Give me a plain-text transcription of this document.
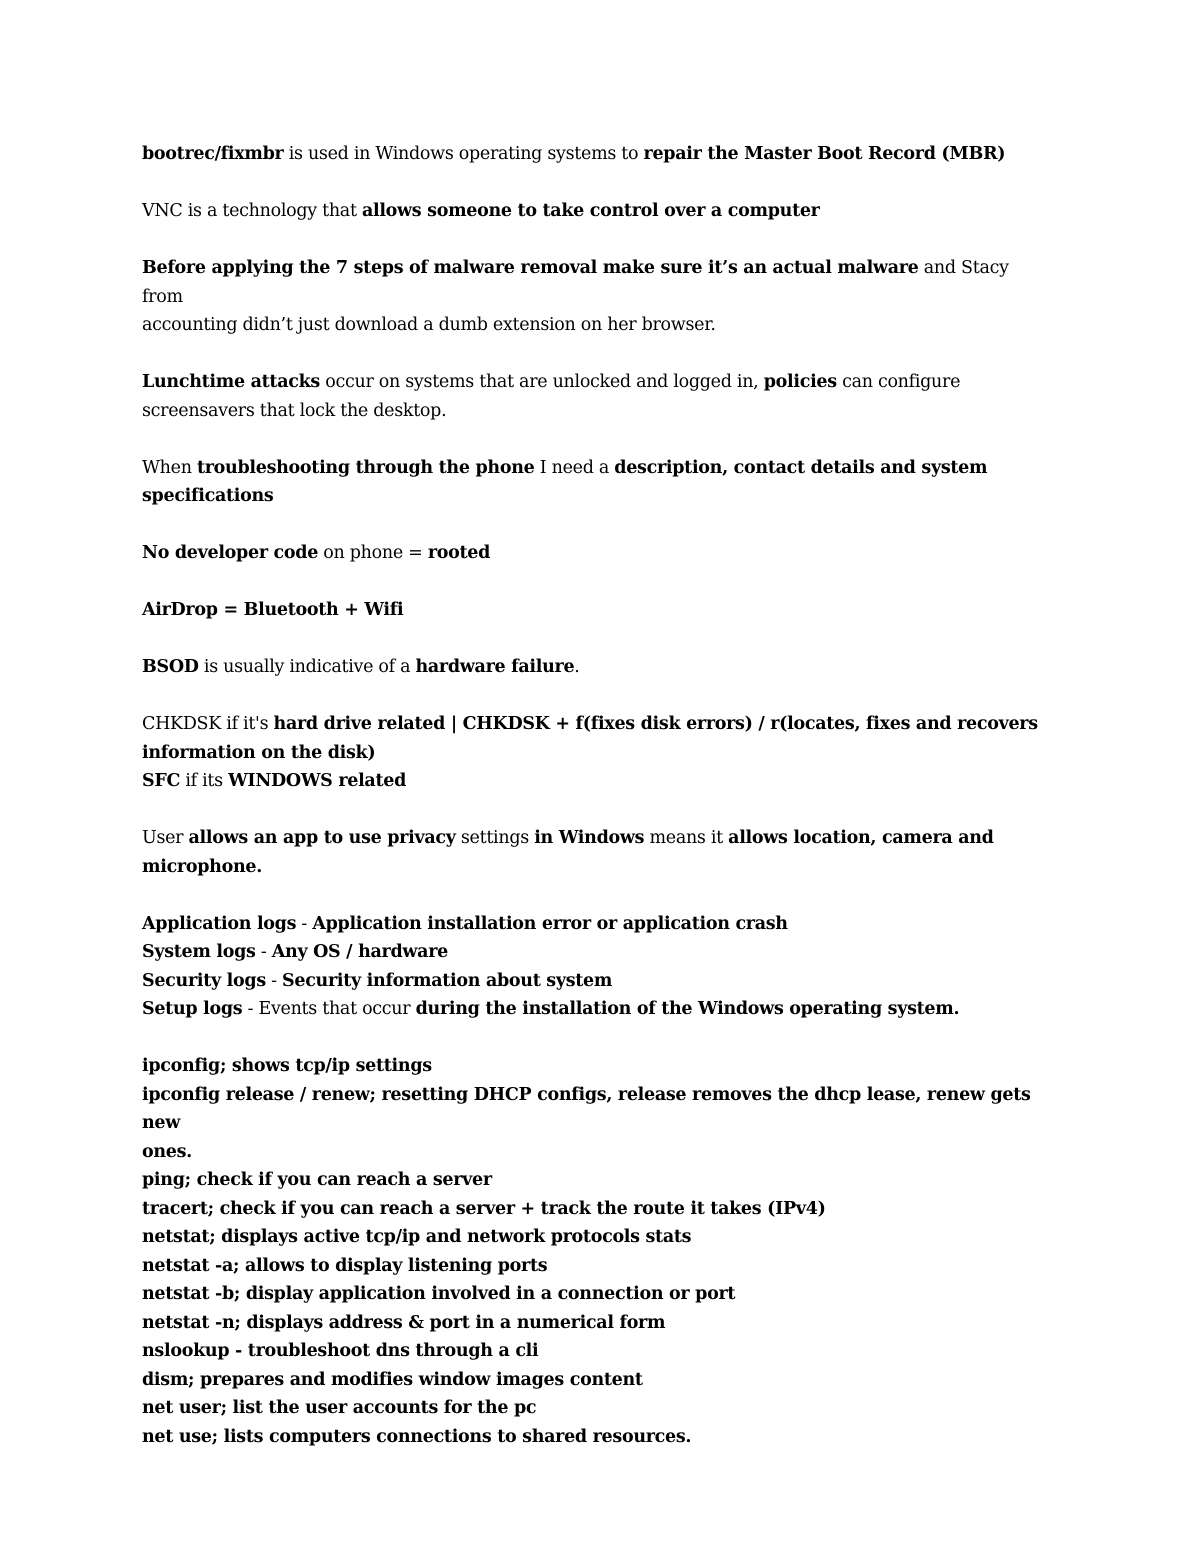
bootrec/fixmbr is used in Windows operating systems to repair the Master Boot Record (MBR)

VNC is a technology that allows someone to take control over a computer

Before applying the 7 steps of malware removal make sure it’s an actual malware and Stacy from

accounting didn’t just download a dumb extension on her browser.

Lunchtime attacks occur on systems that are unlocked and logged in, policies can configure

screensavers that lock the desktop.

When troubleshooting through the phone I need a description, contact details and system

specifications

No developer code on phone = rooted

AirDrop = Bluetooth + Wifi

BSOD is usually indicative of a hardware failure.

CHKDSK if it's hard drive related | CHKDSK + f(fixes disk errors) / r(locates, fixes and recovers

information on the disk)

SFC if its WINDOWS related

User allows an app to use privacy settings in Windows means it allows location, camera and

microphone.

Application logs - Application installation error or application crash

System logs - Any OS / hardware

Security logs - Security information about system

Setup logs - Events that occur during the installation of the Windows operating system.

ipconfig; shows tcp/ip settings

ipconfig release / renew; resetting DHCP configs, release removes the dhcp lease, renew gets new

ones.

ping; check if you can reach a server

tracert; check if you can reach a server + track the route it takes (IPv4)

netstat; displays active tcp/ip and network protocols stats

netstat -a; allows to display listening ports

netstat -b; display application involved in a connection or port

netstat -n; displays address & port in a numerical form

nslookup - troubleshoot dns through a cli

dism; prepares and modifies window images content

net user; list the user accounts for the pc

net use; lists computers connections to shared resources.
